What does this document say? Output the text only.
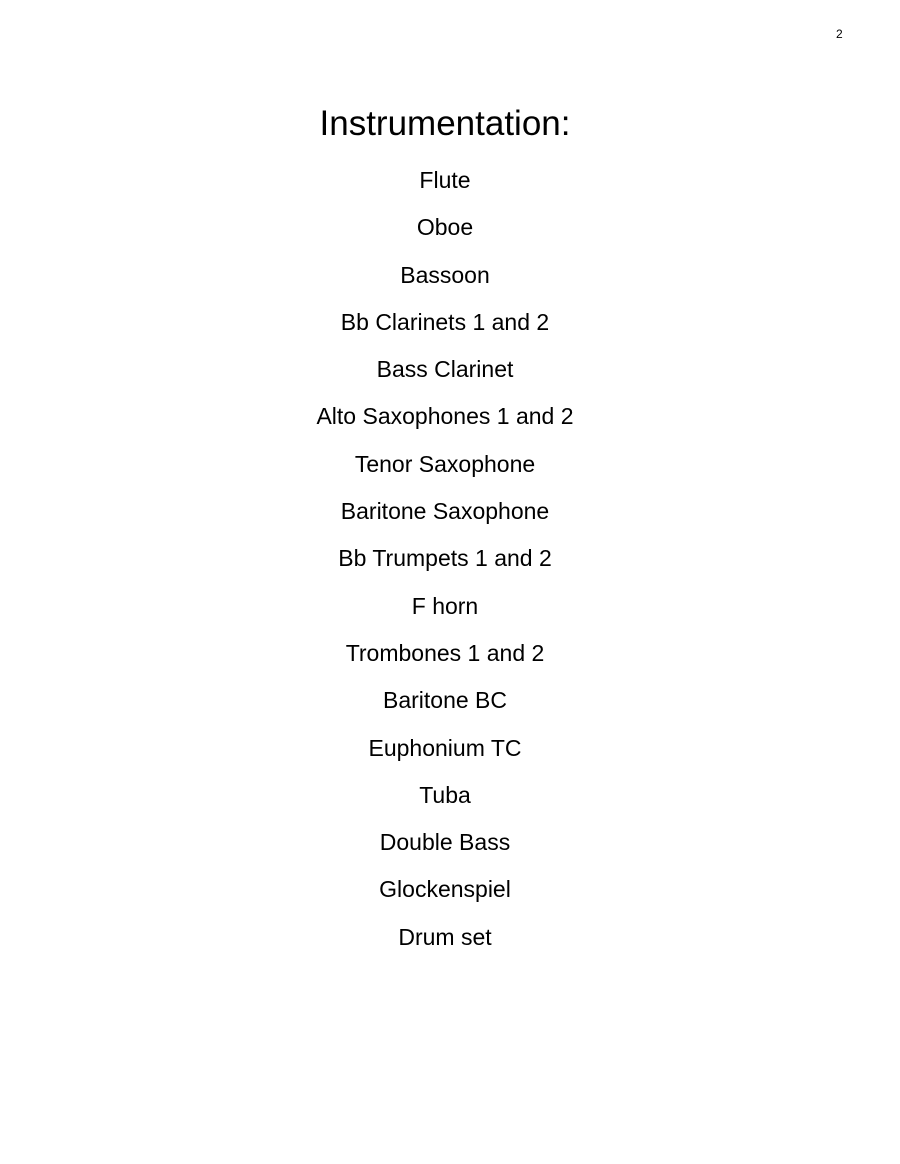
2
Instrumentation:
Flute
Oboe
Bassoon
Bb Clarinets 1 and 2
Bass Clarinet
Alto Saxophones 1 and 2
Tenor Saxophone
Baritone Saxophone
Bb Trumpets 1 and 2
F horn
Trombones 1 and 2
Baritone BC
Euphonium TC
Tuba
Double Bass
Glockenspiel
Drum set
